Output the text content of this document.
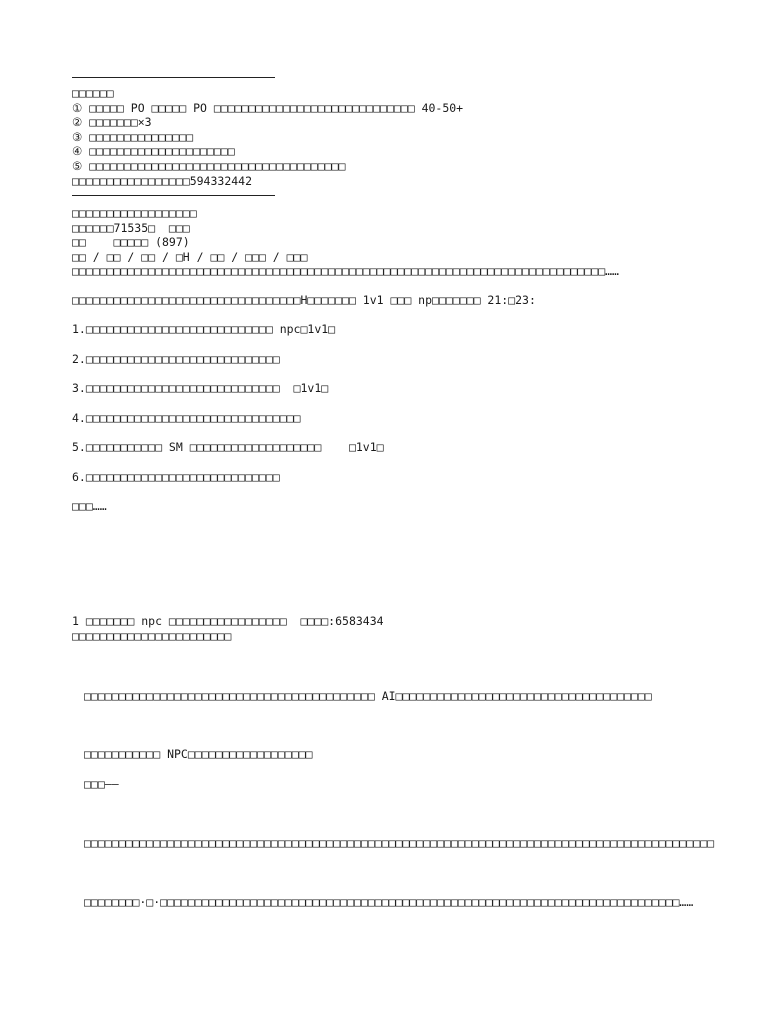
□□□□□□
① □□□□□ PO □□□□□ PO □□□□□□□□□□□□□□□□□□□□□□□□□□□□□ 40-50+
② □□□□□□□×3
③ □□□□□□□□□□□□□□□
④ □□□□□□□□□□□□□□□□□□□□□
⑤ □□□□□□□□□□□□□□□□□□□□□□□□□□□□□□□□□□□□□
□□□□□□□□□□□□□□□□□594332442
□□□□□□□□□□□□□□□□□□
□□□□□□71535□  □□□
□□    □□□□□ (897)
□□ / □□ / □□ / □H / □□ / □□□ / □□□
□□□□□□□□□□□□□□□□□□□□□□□□□□□□□□□□□□□□□□□□□□□□□□□□□□□□□□□□□□□□□□□□□□□□□□□□□□□□□……
□□□□□□□□□□□□□□□□□□□□□□□□□□□□□□□□□H□□□□□□□ 1v1 □□□ np□□□□□□□ 21:□23:
1.□□□□□□□□□□□□□□□□□□□□□□□□□□□ npc□1v1□
2.□□□□□□□□□□□□□□□□□□□□□□□□□□□□
3.□□□□□□□□□□□□□□□□□□□□□□□□□□□□  □1v1□
4.□□□□□□□□□□□□□□□□□□□□□□□□□□□□□□□
5.□□□□□□□□□□□ SM □□□□□□□□□□□□□□□□□□□    □1v1□
6.□□□□□□□□□□□□□□□□□□□□□□□□□□□□
□□□……
1 □□□□□□□ npc □□□□□□□□□□□□□□□□□  □□□□:6583434
□□□□□□□□□□□□□□□□□□□□□□□
□□□□□□□□□□□□□□□□□□□□□□□□□□□□□□□□□□□□□□□□□□ AI□□□□□□□□□□□□□□□□□□□□□□□□□□□□□□□□□□□□□
□□□□□□□□□□□ NPC□□□□□□□□□□□□□□□□□□
□□□——
□□□□□□□□□□□□□□□□□□□□□□□□□□□□□□□□□□□□□□□□□□□□□□□□□□□□□□□□□□□□□□□□□□□□□□□□□□□□□□□□□□□□□□□□□□□
□□□□□□□□·□·□□□□□□□□□□□□□□□□□□□□□□□□□□□□□□□□□□□□□□□□□□□□□□□□□□□□□□□□□□□□□□□□□□□□□□□□□□□……
